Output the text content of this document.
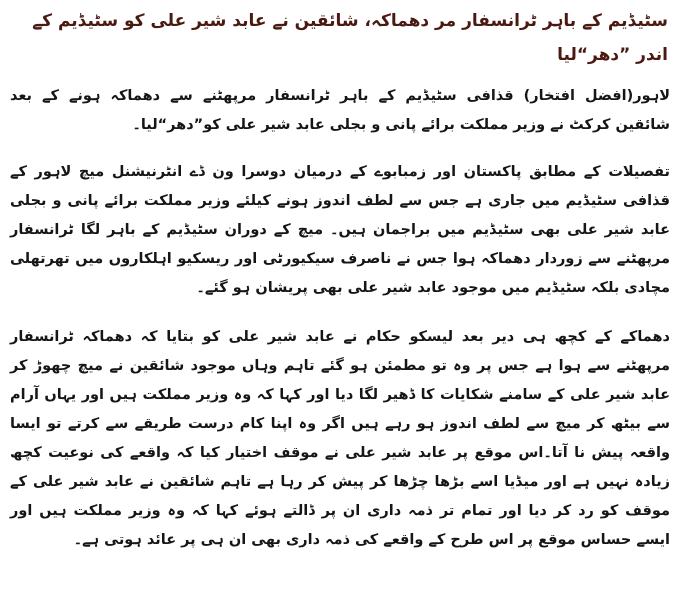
سٹیڈیم کے باہر ٹرانسفار مر دھماکہ، شائقین نے عابد شیر علی کو سٹیڈیم کے اندر ”دھر“لیا

لاہور(افضل افتخار) قذافی سٹیڈیم کے باہر ٹرانسفار مرپھٹنے سے دھماکہ ہونے کے بعد شائقین کرکٹ نے وزیر مملکت برائے پانی و بجلی عابد شیر علی کو”دھر“لیا۔

تفصیلات کے مطابق پاکستان اور زمبابوے کے درمیان دوسرا ون ڈے انٹرنیشنل میچ لاہور کے قذافی سٹیڈیم میں جاری ہے جس سے لطف اندوز ہونے کیلئے وزیر مملکت برائے پانی و بجلی عابد شیر علی بھی سٹیڈیم میں براجمان ہیں۔ میچ کے دوران سٹیڈیم کے باہر لگا ٹرانسفار مرپھٹنے سے زوردار دھماکہ ہوا جس نے ناصرف سیکیورٹی اور ریسکیو اہلکاروں میں تھرتھلی مچادی بلکہ سٹیڈیم میں موجود عابد شیر علی بھی پریشان ہو گئے۔

دھماکے کے کچھ ہی دیر بعد لیسکو حکام نے عابد شیر علی کو بتایا کہ دھماکہ ٹرانسفار مرپھٹنے سے ہوا ہے جس پر وہ تو مطمئن ہو گئے تاہم وہاں موجود شائقین نے میچ چھوڑ کر عابد شیر علی کے سامنے شکایات کا ڈھیر لگا دیا اور کہا کہ وہ وزیر مملکت ہیں اور یہاں آرام سے بیٹھ کر میچ سے لطف اندوز ہو رہے ہیں اگر وہ اپنا کام درست طریقے سے کرتے تو ایسا واقعہ پیش نا آتا۔اس موقع پر عابد شیر علی نے موقف اختیار کیا کہ واقعے کی نوعیت کچھ زیادہ نہیں ہے اور میڈیا اسے بڑھا چڑھا کر پیش کر رہا ہے تاہم شائقین نے عابد شیر علی کے موقف کو رد کر دیا اور تمام تر ذمہ داری ان پر ڈالتے ہوئے کہا کہ وہ وزیر مملکت ہیں اور ایسے حساس موقع پر اس طرح کے واقعے کی ذمہ داری بھی ان ہی پر عائد ہوتی ہے۔
